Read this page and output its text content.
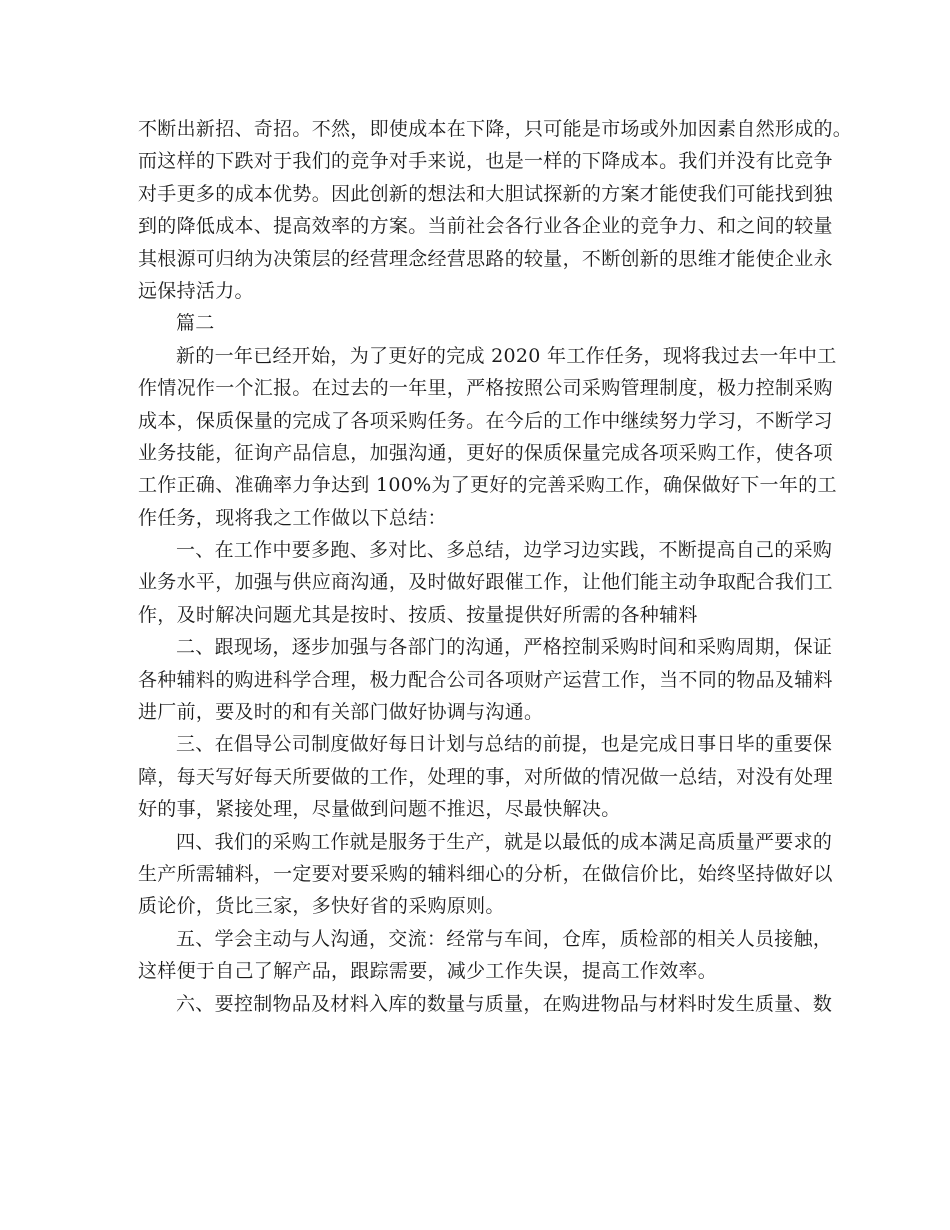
不断出新招、奇招。不然，即使成本在下降，只可能是市场或外加因素自然形成的。
而这样的下跌对于我们的竞争对手来说，也是一样的下降成本。我们并没有比竞争
对手更多的成本优势。因此创新的想法和大胆试探新的方案才能使我们可能找到独
到的降低成本、提高效率的方案。当前社会各行业各企业的竞争力、和之间的较量
其根源可归纳为决策层的经营理念经营思路的较量，不断创新的思维才能使企业永
远保持活力。
篇二
新的一年已经开始，为了更好的完成 2020 年工作任务，现将我过去一年中工
作情况作一个汇报。在过去的一年里，严格按照公司采购管理制度，极力控制采购
成本，保质保量的完成了各项采购任务。在今后的工作中继续努力学习，不断学习
业务技能，征询产品信息，加强沟通，更好的保质保量完成各项采购工作，使各项
工作正确、准确率力争达到 100%为了更好的完善采购工作，确保做好下一年的工
作任务，现将我之工作做以下总结：
一、在工作中要多跑、多对比、多总结，边学习边实践，不断提高自己的采购
业务水平，加强与供应商沟通，及时做好跟催工作，让他们能主动争取配合我们工
作，及时解决问题尤其是按时、按质、按量提供好所需的各种辅料
二、跟现场，逐步加强与各部门的沟通，严格控制采购时间和采购周期，保证
各种辅料的购进科学合理，极力配合公司各项财产运营工作，当不同的物品及辅料
进厂前，要及时的和有关部门做好协调与沟通。
三、在倡导公司制度做好每日计划与总结的前提，也是完成日事日毕的重要保
障，每天写好每天所要做的工作，处理的事，对所做的情况做一总结，对没有处理
好的事，紧接处理，尽量做到问题不推迟，尽最快解决。
四、我们的采购工作就是服务于生产，就是以最低的成本满足高质量严要求的
生产所需辅料，一定要对要采购的辅料细心的分析，在做信价比，始终坚持做好以
质论价，货比三家，多快好省的采购原则。
五、学会主动与人沟通，交流：经常与车间，仓库，质检部的相关人员接触，
这样便于自己了解产品，跟踪需要，减少工作失误，提高工作效率。
六、要控制物品及材料入库的数量与质量，在购进物品与材料时发生质量、数
